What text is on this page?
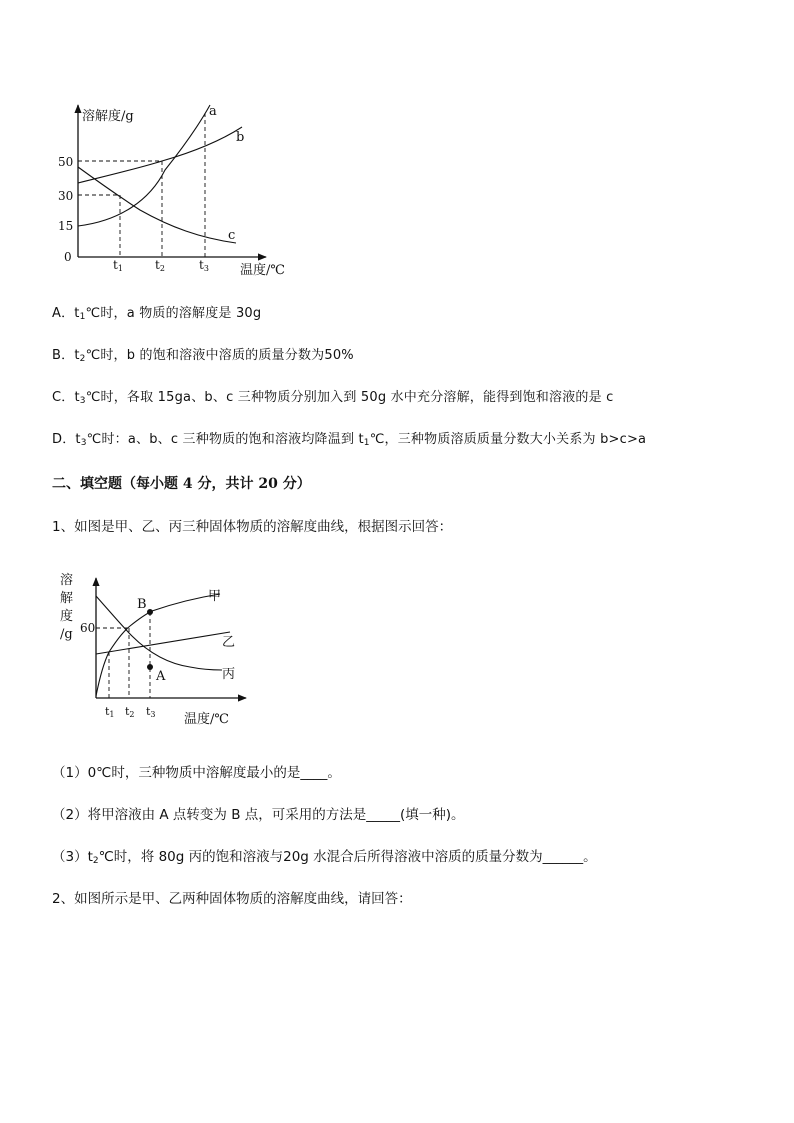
溶解度/g
温度/℃
0
50
30
15
a
b
c
t1	t2	t3
A．$t_1℃$时，a 物质的溶解度是 30g
B．$t_2℃$时，b 的饱和溶液中溶质的质量分数为50%
C．$t_3℃$时，各取 15ga、b、c 三种物质分别加入到 50g 水中充分溶解，能得到饱和溶液的是 c
D．$t_3℃$时：a、b、c 三种物质的饱和溶液均降温到 $t_1℃$，三种物质溶质质量分数大小关系为 b>c>a
二、填空题（每小题 4 分，共计 20 分）
1、如图是甲、乙、丙三种固体物质的溶解度曲线，根据图示回答：
溶
解
度
/g 60
B
A
甲
乙
丙
t1 t2 t3 温度/℃
（1）0℃时，三种物质中溶解度最小的是____。
（2）将甲溶液由 A 点转变为 B 点，可采用的方法是_____(填一种)。
$(3)t_2℃$时，将 80g 丙的饱和溶液与20g 水混合后所得溶液中溶质的质量分数为______。
2、如图所示是甲、乙两种固体物质的溶解度曲线，请回答：
